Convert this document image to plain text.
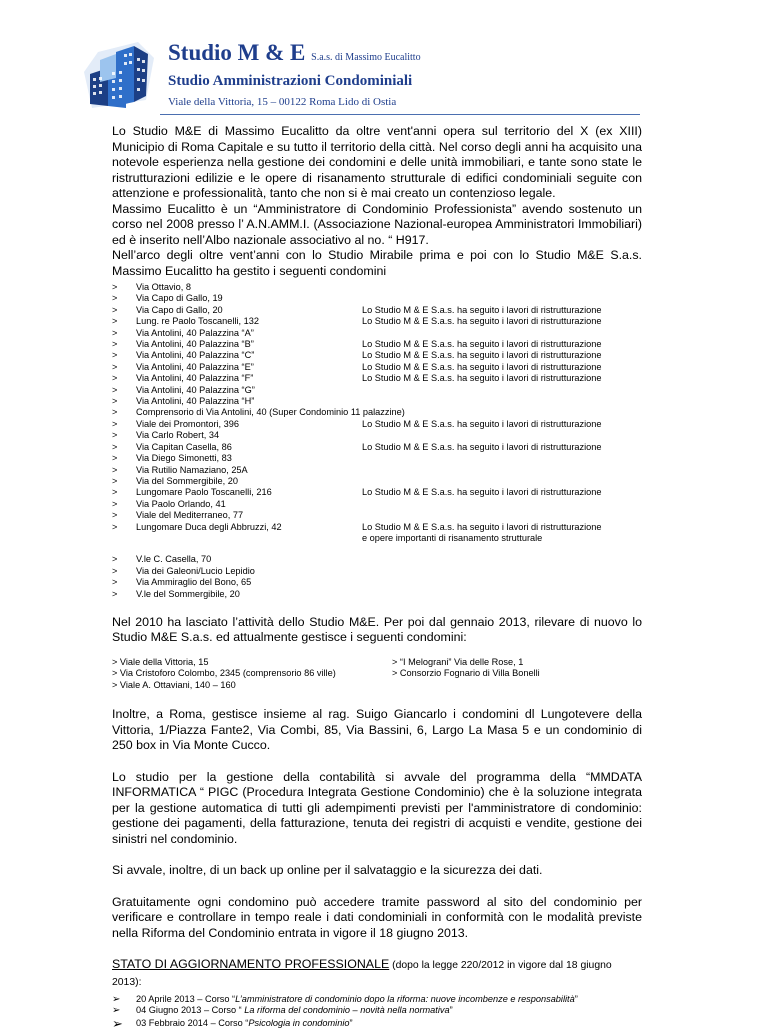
Studio M & E S.a.s. di Massimo Eucalitto
Studio Amministrazioni Condominiali
Viale della Vittoria, 15 – 00122 Roma Lido di Ostia

Lo Studio M&E di Massimo Eucalitto da oltre vent'anni opera sul territorio del X (ex XIII) Municipio di Roma Capitale e su tutto il territorio della città. Nel corso degli anni ha acquisito una notevole esperienza nella gestione dei condomini e delle unità immobiliari, e tante sono state le ristrutturazioni edilizie e le opere di risanamento strutturale di edifici condominiali seguite con attenzione e professionalità, tanto che non si è mai creato un contenzioso legale.

Massimo Eucalitto è un “Amministratore di Condominio Professionista” avendo sostenuto un corso nel 2008 presso l’ A.N.AMM.I. (Associazione Nazional-europea Amministratori Immobiliari) ed è inserito nell’Albo nazionale associativo al no. “ H917.

Nell’arco degli oltre vent’anni con lo Studio Mirabile prima e poi con lo Studio M&E S.a.s. Massimo Eucalitto ha gestito i seguenti condomini

>	Via Ottavio, 8
>	Via Capo di Gallo, 19
>	Via Capo di Gallo, 20	Lo Studio M & E S.a.s. ha seguito i lavori di ristrutturazione
>	Lung. re Paolo Toscanelli, 132	Lo Studio M & E S.a.s. ha seguito i lavori di ristrutturazione
>	Via Antolini, 40 Palazzina “A”
>	Via Antolini, 40 Palazzina “B”	Lo Studio M & E S.a.s. ha seguito i lavori di ristrutturazione
>	Via Antolini, 40 Palazzina “C”	Lo Studio M & E S.a.s. ha seguito i lavori di ristrutturazione
>	Via Antolini, 40 Palazzina “E”	Lo Studio M & E S.a.s. ha seguito i lavori di ristrutturazione
>	Via Antolini, 40 Palazzina “F”	Lo Studio M & E S.a.s. ha seguito i lavori di ristrutturazione
>	Via Antolini, 40 Palazzina “G”
>	Via Antolini, 40 Palazzina “H”
>	Comprensorio di Via Antolini, 40 (Super Condominio 11 palazzine)
>	Viale dei Promontori, 396	Lo Studio M & E S.a.s. ha seguito i lavori di ristrutturazione
>	Via Carlo Robert, 34
>	Via Capitan Casella, 86	Lo Studio M & E S.a.s. ha seguito i lavori di ristrutturazione
>	Via Diego Simonetti, 83
>	Via Rutilio Namaziano, 25A
>	Via del Sommergibile, 20
>	Lungomare Paolo Toscanelli, 216	Lo Studio M & E S.a.s. ha seguito i lavori di ristrutturazione
>	Via Paolo Orlando, 41
>	Viale del Mediterraneo, 77
>	Lungomare Duca degli Abbruzzi, 42	Lo Studio M & E S.a.s. ha seguito i lavori di ristrutturazione
e opere importanti di risanamento strutturale
>	V.le C. Casella, 70
>	Via dei Galeoni/Lucio Lepidio
>	Via Ammiraglio del Bono, 65
>	V.le del Sommergibile, 20

Nel 2010 ha lasciato l’attività dello Studio M&E. Per poi dal gennaio 2013, rilevare di nuovo lo Studio M&E S.a.s. ed attualmente gestisce i seguenti condomini:

> Viale della Vittoria, 15
> Via Cristoforo Colombo, 2345 (comprensorio 86 ville)
> Viale A. Ottaviani, 140 – 160
> “I Melograni” Via delle Rose, 1
> Consorzio Fognario di Villa Bonelli

Inoltre, a Roma, gestisce insieme al rag. Suigo Giancarlo i condomini dl Lungotevere della Vittoria, 1/Piazza Fante2, Via Combi, 85, Via Bassini, 6, Largo La Masa 5 e un condominio di 250 box in Via Monte Cucco.

Lo studio per la gestione della contabilità si avvale del programma della “MMDATA INFORMATICA “ PIGC (Procedura Integrata Gestione Condominio) che è la soluzione integrata per la gestione automatica di tutti gli adempimenti previsti per l'amministratore di condominio: gestione dei pagamenti, della fatturazione, tenuta dei registri di acquisti e vendite, gestione dei sinistri nel condominio.

Si avvale, inoltre, di un back up online per il salvataggio e la sicurezza dei dati.

Gratuitamente ogni condomino può accedere tramite password al sito del condominio per verificare e controllare in tempo reale i dati condominiali in conformità con le modalità previste nella Riforma del Condominio entrata in vigore il 18 giugno 2013.

STATO DI AGGIORNAMENTO PROFESSIONALE (dopo la legge 220/2012 in vigore dal 18 giugno 2013):
➢	20 Aprile 2013 – Corso “L’amministratore di condominio dopo la riforma: nuove incombenze e responsabilità”
➢	04 Giugno 2013 – Corso “ La riforma del condominio – novità nella normativa”
➢	03 Febbraio 2014 – Corso “Psicologia in condominio”
